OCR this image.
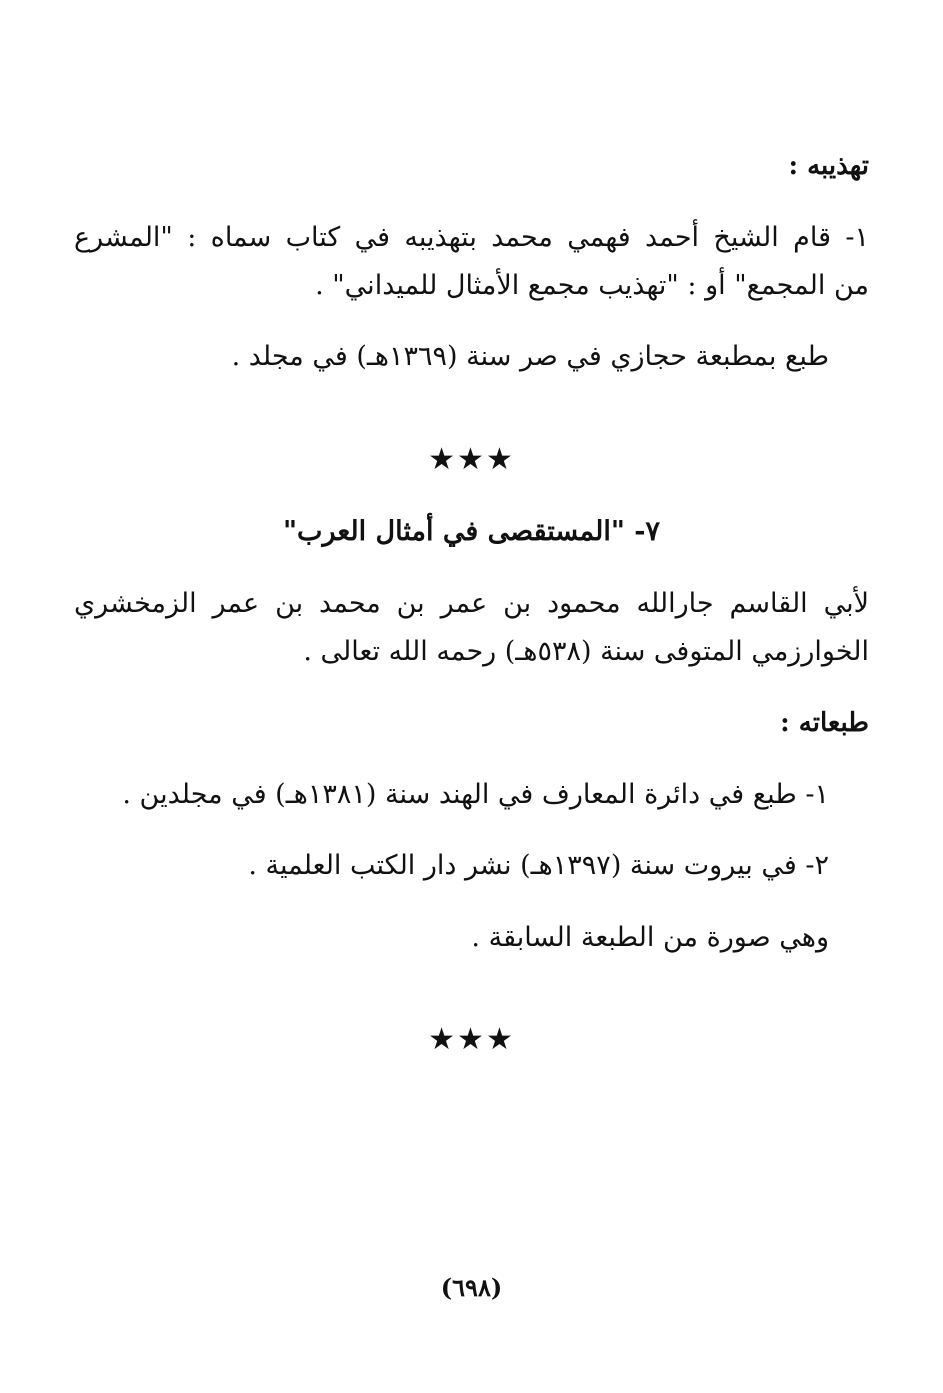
تهذيبه :
١- قام الشيخ أحمد فهمي محمد بتهذيبه في كتاب سماه : "المشرع
من المجمع" أو : "تهذيب مجمع الأمثال للميداني" .
طبع بمطبعة حجازي في صر سنة (١٣٦٩هـ) في مجلد .
★★★
٧- "المستقصى في أمثال العرب"
لأبي القاسم جارالله محمود بن عمر بن محمد بن عمر الزمخشري
الخوارزمي المتوفى سنة (٥٣٨هـ) رحمه الله تعالى .
طبعاته :
١- طبع في دائرة المعارف في الهند سنة (١٣٨١هـ) في مجلدين .
٢- في بيروت سنة (١٣٩٧هـ) نشر دار الكتب العلمية .
وهي صورة من الطبعة السابقة .
★★★
(٦٩٨)
